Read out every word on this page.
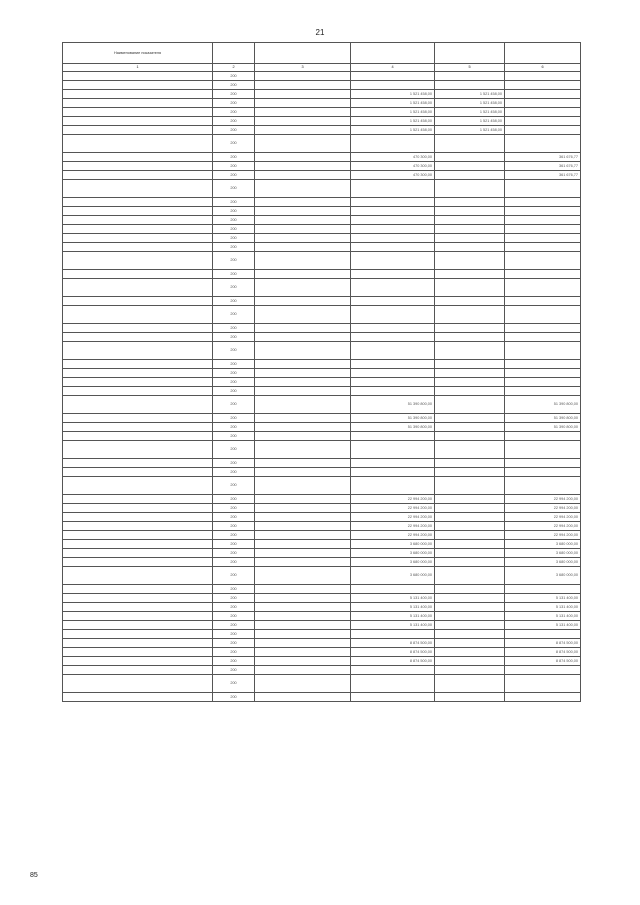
21
Наименование показателя					
1	2	3	4	5	6
	200				
	200				
	200		1 521 458,00	1 521 458,00	
	200		1 521 458,00	1 521 458,00	
	200		1 521 458,00	1 521 458,00	
	200		1 521 458,00	1 521 458,00	
	200		1 521 458,00	1 521 458,00	
	200				
	200		470 300,00		361 676,77
	200		470 300,00		361 676,77
	200		470 300,00		361 676,77
	200				
	200				
	200				
	200				
	200				
	200				
	200				
	200				
	200				
	200				
	200				
	200				
	200				
	200				
	200				
	200				
	200				
	200				
	200				
	200		51 390 800,00		51 390 800,00
	200		51 390 800,00		51 390 800,00
	200		51 390 800,00		51 390 800,00
	200				
	200				
	200				
	200				
	200				
	200		22 994 200,00		22 994 200,00
	200		22 994 200,00		22 994 200,00
	200		22 994 200,00		22 994 200,00
	200		22 994 200,00		22 994 200,00
	200		22 994 200,00		22 994 200,00
	200		3 680 000,00		3 680 000,00
	200		3 680 000,00		3 680 000,00
	200		3 680 000,00		3 680 000,00
	200		3 680 000,00		3 680 000,00
	200				
	200		5 131 400,00		5 131 400,00
	200		5 131 400,00		5 131 400,00
	200		5 131 400,00		5 131 400,00
	200		5 131 400,00		5 131 400,00
	200				
	200		8 874 500,00		8 874 500,00
	200		8 874 500,00		8 874 500,00
	200		8 874 500,00		8 874 500,00
	200				
	200				
	200				
85
